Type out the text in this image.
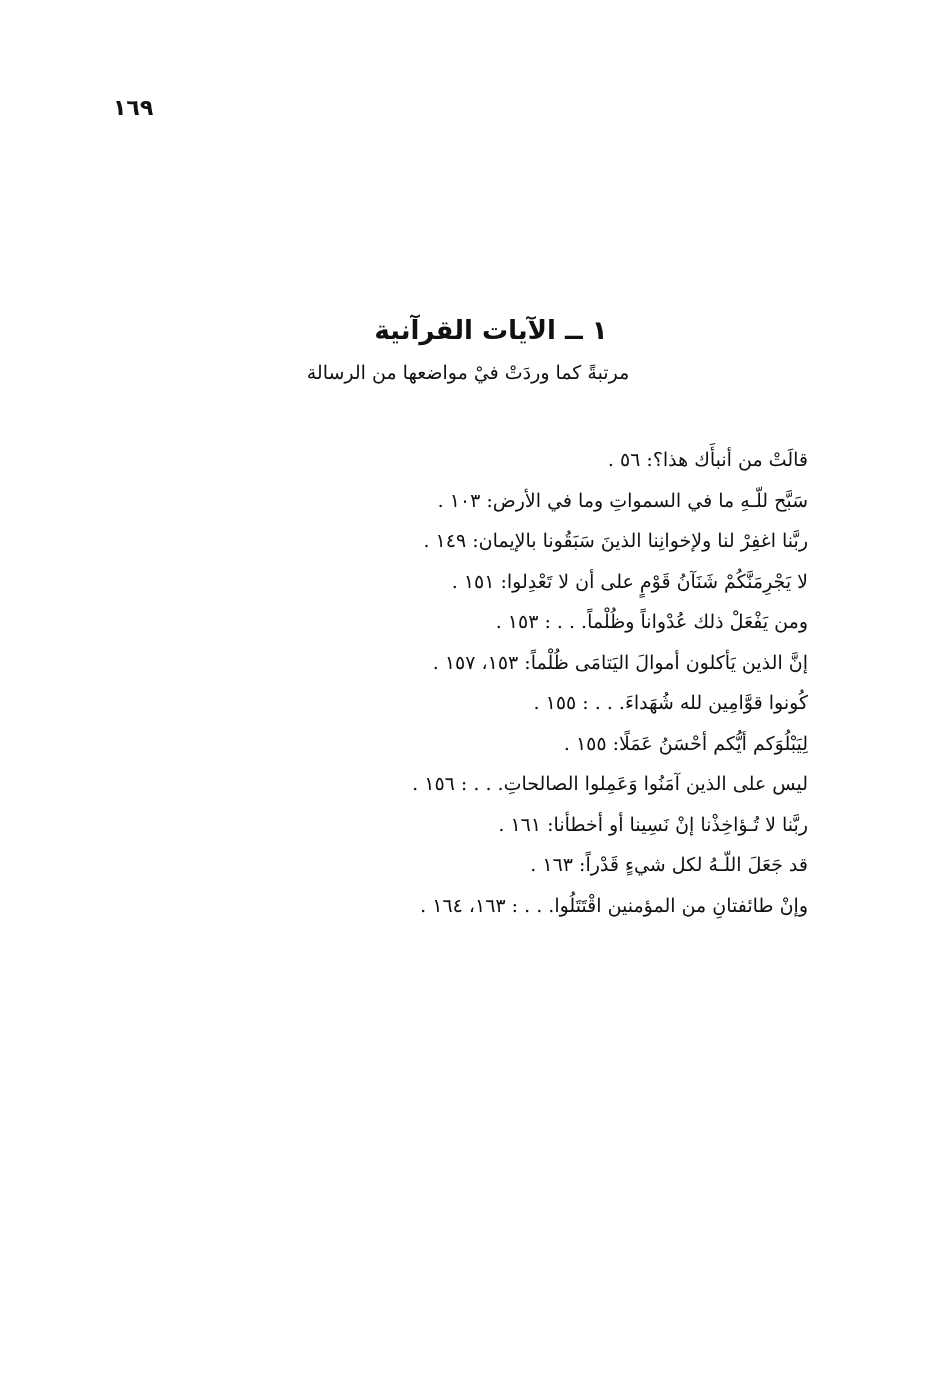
١٦٩
١ ــ الآيات القرآنية
مرتبةً كما وردَتْ فيْ مواضعها من الرسالة
قالَتْ من أنبأَك هذا؟: ٥٦ .
سَبَّح للّـهِ ما في السمواتِ وما في الأرض: ١٠٣ .
ربَّنا اغفِرْ لنا ولإخوانِنا الذينَ سَبَقُونا بالإيمان: ١٤٩ .
لا يَجْرِمَنَّكُمْ شَنَآنُ قَوْمٍ على أن لا تَعْدِلوا: ١٥١ .
ومن يَفْعَلْ ذلك عُدْواناً وظُلْماً. . . : ١٥٣ .
إنَّ الذين يَأكلون أموالَ اليَتامَى ظُلْماً: ١٥٣، ١٥٧ .
كُونوا قوَّامِين لله شُهَداءَ. . . : ١٥٥ .
لِيَبْلُوَكم أيُّكم أحْسَنُ عَمَلًا: ١٥٥ .
ليس على الذين آمَنُوا وَعَمِلوا الصالحاتِ. . . : ١٥٦ .
ربَّنا لا تُـؤاخِذْنا إنْ نَسِينا أو أخطأنا: ١٦١ .
قد جَعَلَ اللّـهُ لكل شيءٍ قَدْراً: ١٦٣ .
وإنْ طائفتانِ من المؤمنين اقْتَتَلُوا. . . : ١٦٣، ١٦٤ .
